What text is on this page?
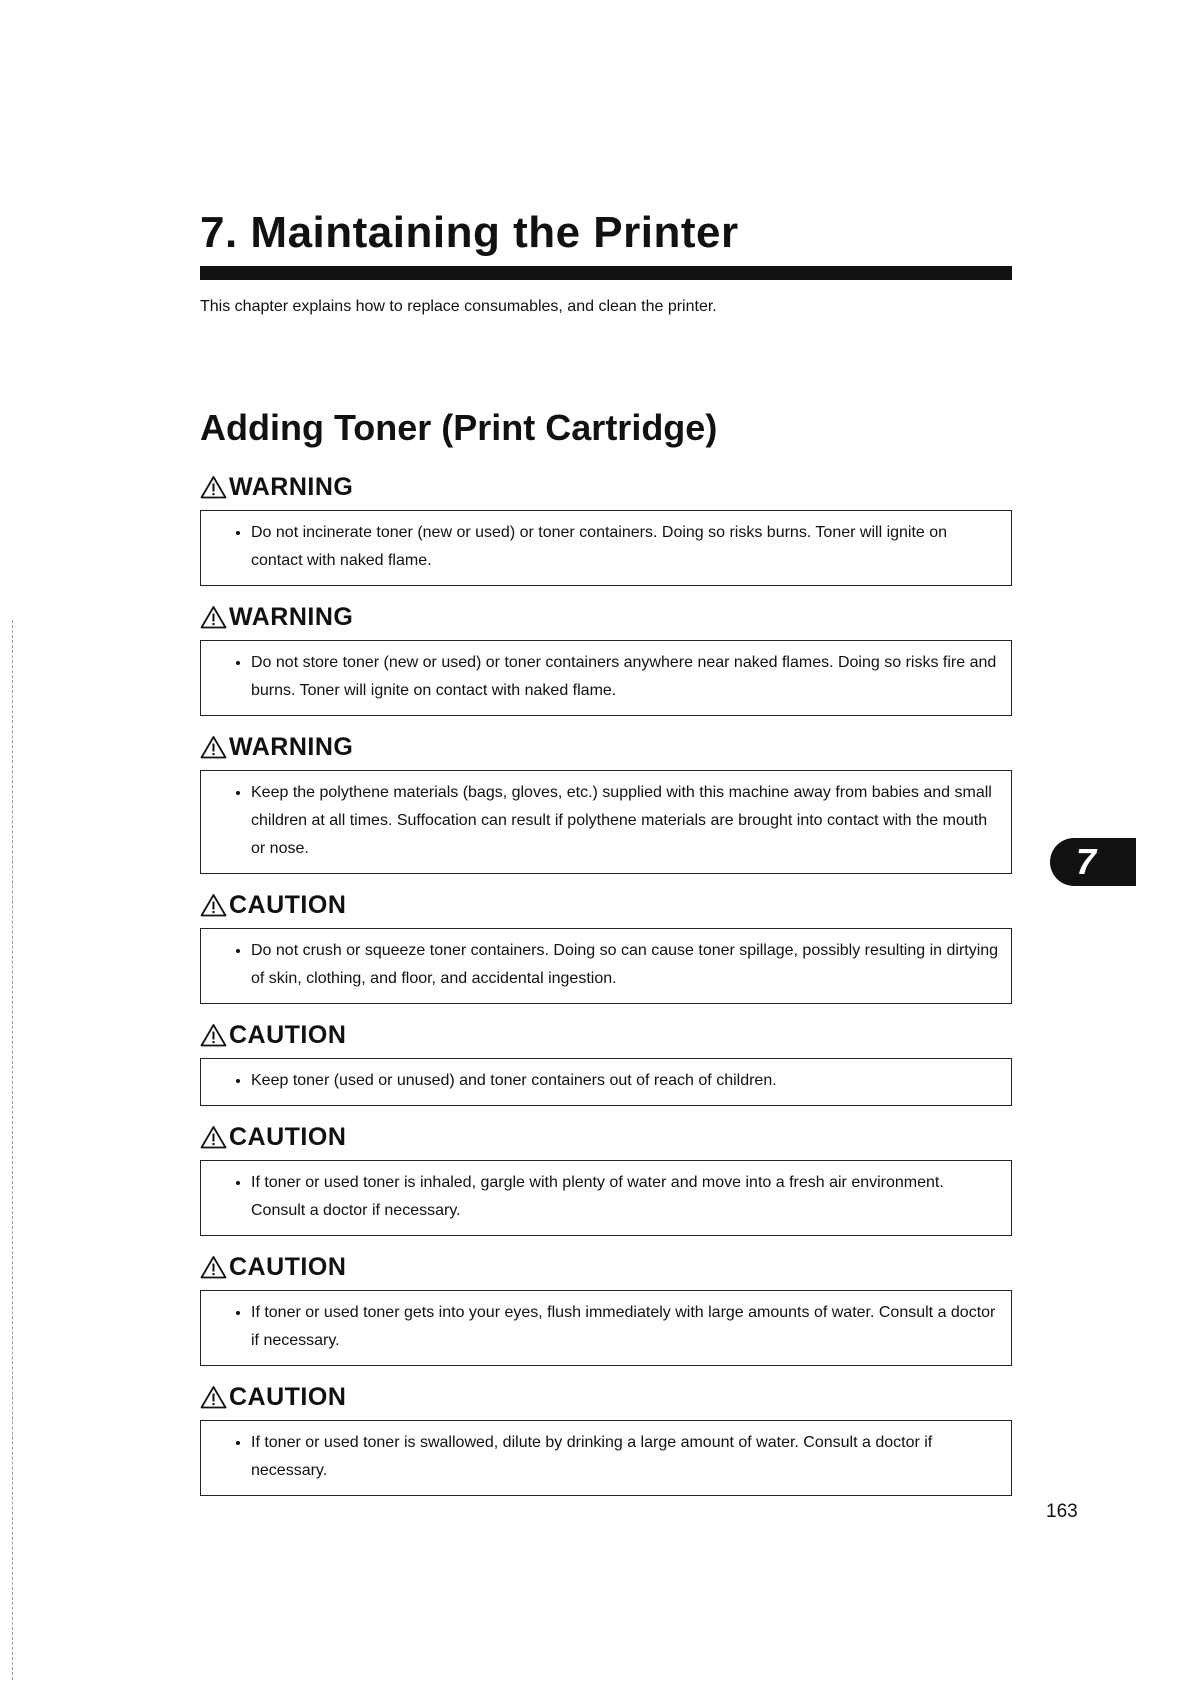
7. Maintaining the Printer

This chapter explains how to replace consumables, and clean the printer.

Adding Toner (Print Cartridge)
WARNING
• Do not incinerate toner (new or used) or toner containers. Doing so risks burns. Toner will ignite on contact with naked flame.
WARNING
• Do not store toner (new or used) or toner containers anywhere near naked flames. Doing so risks fire and burns. Toner will ignite on contact with naked flame.
WARNING
• Keep the polythene materials (bags, gloves, etc.) supplied with this machine away from babies and small children at all times. Suffocation can result if polythene materials are brought into contact with the mouth or nose.
CAUTION
• Do not crush or squeeze toner containers. Doing so can cause toner spillage, possibly resulting in dirtying of skin, clothing, and floor, and accidental ingestion.
CAUTION
• Keep toner (used or unused) and toner containers out of reach of children.
CAUTION
• If toner or used toner is inhaled, gargle with plenty of water and move into a fresh air environment. Consult a doctor if necessary.
CAUTION
• If toner or used toner gets into your eyes, flush immediately with large amounts of water. Consult a doctor if necessary.
CAUTION
• If toner or used toner is swallowed, dilute by drinking a large amount of water. Consult a doctor if necessary.
7
163
